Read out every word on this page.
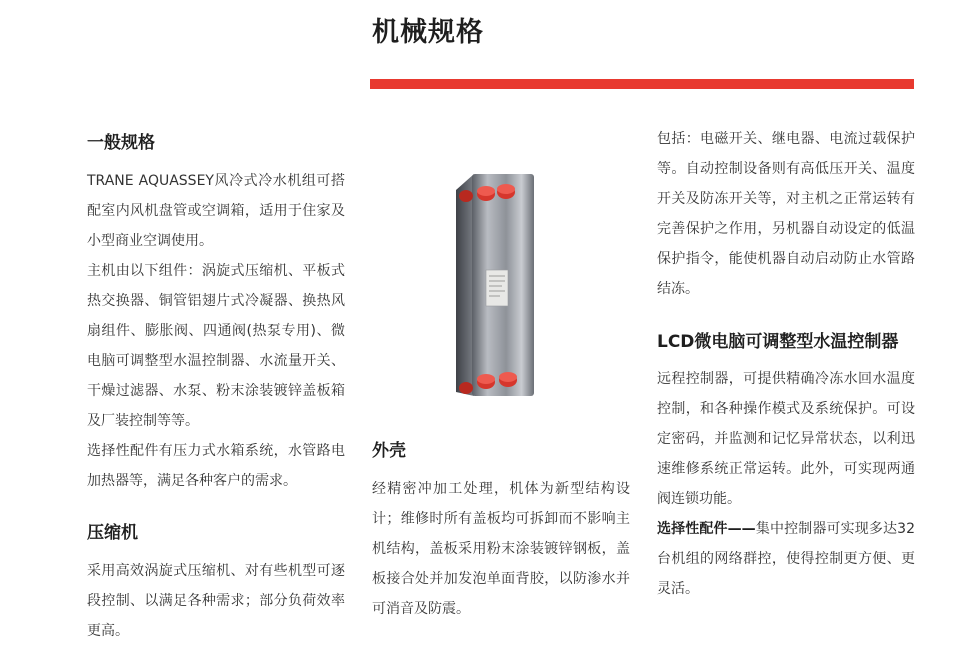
机械规格
一般规格

TRANE AQUASSEY风冷式冷水机组可搭配室内风机盘管或空调箱，适用于住家及小型商业空调使用。

主机由以下组件：涡旋式压缩机、平板式热交换器、铜管铝翅片式冷凝器、换热风扇组件、膨胀阀、四通阀(热泵专用)、微电脑可调整型水温控制器、水流量开关、干燥过滤器、水泵、粉末涂装镀锌盖板箱及厂装控制等等。

选择性配件有压力式水箱系统，水管路电加热器等，满足各种客户的需求。

压缩机

采用高效涡旋式压缩机、对有些机型可逐段控制、以满足各种需求；部分负荷效率更高。

外壳

经精密冲加工处理，机体为新型结构设计；维修时所有盖板均可拆卸而不影响主机结构，盖板采用粉末涂装镀锌钢板，盖板接合处并加发泡单面背胶，以防渗水并可消音及防震。

包括：电磁开关、继电器、电流过载保护等。自动控制设备则有高低压开关、温度开关及防冻开关等，对主机之正常运转有完善保护之作用，另机器自动设定的低温保护指令，能使机器自动启动防止水管路结冻。

LCD微电脑可调整型水温控制器

远程控制器，可提供精确冷冻水回水温度控制，和各种操作模式及系统保护。可设定密码，并监测和记忆异常状态，以利迅速维修系统正常运转。此外，可实现两通阀连锁功能。

选择性配件——集中控制器可实现多达32台机组的网络群控，使得控制更方便、更灵活。
